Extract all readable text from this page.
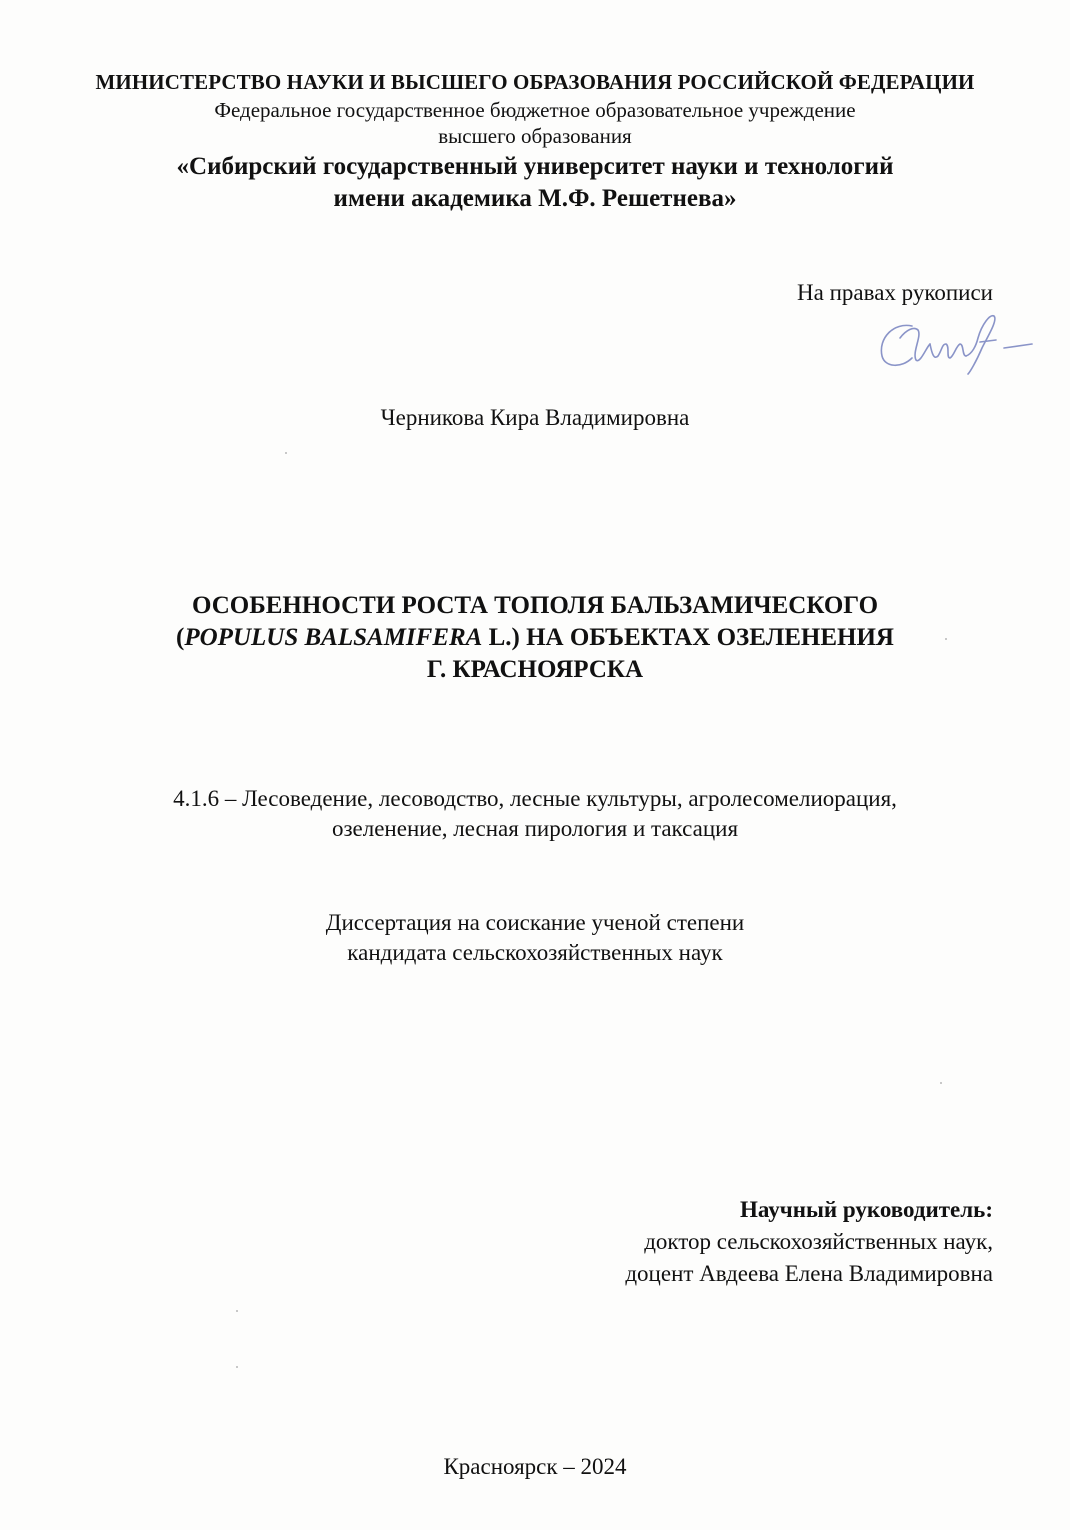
МИНИСТЕРСТВО НАУКИ И ВЫСШЕГО ОБРАЗОВАНИЯ РОССИЙСКОЙ ФЕДЕРАЦИИ
Федеральное государственное бюджетное образовательное учреждение
высшего образования
«Сибирский государственный университет науки и технологий
имени академика М.Ф. Решетнева»
На правах рукописи
Черникова Кира Владимировна
ОСОБЕННОСТИ РОСТА ТОПОЛЯ БАЛЬЗАМИЧЕСКОГО
(POPULUS BALSAMIFERA L.) НА ОБЪЕКТАХ ОЗЕЛЕНЕНИЯ
Г. КРАСНОЯРСКА
4.1.6 – Лесоведение, лесоводство, лесные культуры, агролесомелиорация,
озеленение, лесная пирология и таксация
Диссертация на соискание ученой степени
кандидата сельскохозяйственных наук
Научный руководитель:
доктор сельскохозяйственных наук,
доцент Авдеева Елена Владимировна
Красноярск – 2024
